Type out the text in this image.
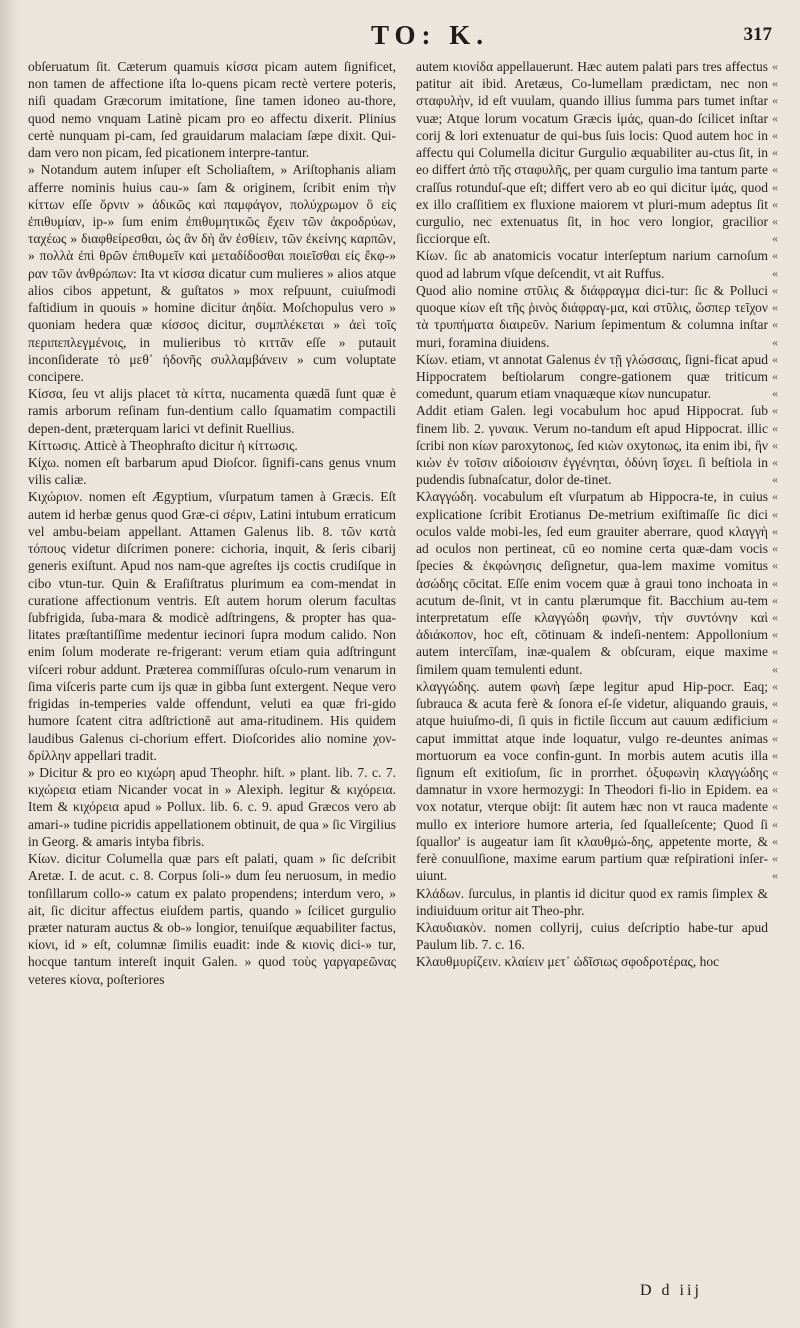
TO: K.	317

obſeruatum ſit. Cæterum quamuis κίσσα picam autem ſignificet, non tamen de affectione iſta lo-quens picam rectè vertere poteris, niſi quadam Græcorum imitatione, ſine tamen idoneo au-thore, quod nemo vnquam Latinè picam pro eo affectu dixerit. Plinius certè nunquam pi-cam, ſed grauidarum malaciam ſæpe dixit. Qui-dam vero non picam, ſed picationem interpre-tantur.

» Notandum autem inſuper eſt Scholiaſtem, » Ariſtophanis aliam afferre nominis huius cau-» ſam & originem, ſcribit enim τὴν κίττων eſſe ὄρνιν » ἀδικῶς καὶ παμφάγον, πολύχρωμον ὃ εἰς ἐπιθυμίαν, ip-» ſum enim ἐπιθυμητικῶς ἔχειν τῶν ἀκροδρύων, ταχέως » διαφθείρεσθαι, ὡς ἂν δὴ ἂν ἐσθίειν, τῶν ἐκείνης καρπῶν, » πολλὰ ἐπὶ θρῶν ἐπιθυμεῖν καὶ μεταδίδοσθαι ποιεῖσθαι εἰς ἔκφ-» ραν τῶν ἀνθρώπων: Ita vt κίσσα dicatur cum mulieres » alios atque alios cibos appetunt, & guſtatos » mox reſpuunt, cuiuſmodi faſtidium in quouis » homine dicitur ἀηδία. Moſchopulus vero » quoniam hedera quæ κίσσος dicitur, συμπλέκεται » ἀεὶ τοῖς περιπεπλεγμένοις, in mulieribus τὸ κιττᾶν eſſe » putauit inconſiderate τὸ μεθ᾽ ἡδονῆς συλλαμβάνειν » cum voluptate concipere.

Κίσσα, ſeu vt alijs placet τὰ κίττα, nucamenta quædā ſunt quæ è ramis arborum reſinam fun-dentium callo ſquamatim compactili depen-dent, præterquam larici vt definit Ruellius.

Κίττωσις. Atticè à Theophraſto dicitur ἡ κίττωσις.

Κίχω. nomen eſt barbarum apud Dioſcor. ſignifi-cans genus vnum vilis caliæ.

Κιχώριον. nomen eſt Ægyptium, vſurpatum tamen à Græcis. Eſt autem id herbæ genus quod Græ-ci σέριν, Latini intubum erraticum vel ambu-beiam appellant. Attamen Galenus lib. 8. τῶν κατὰ τόπους videtur diſcrimen ponere: cichoria, inquit, & ſeris cibarij generis exiſtunt. Apud nos nam-que agreſtes ijs coctis crudiſque in cibo vtun-tur. Quin & Eraſiſtratus plurimum ea com-mendat in curatione affectionum ventris. Eſt autem horum olerum facultas ſubfrigida, ſuba-mara & modicè adſtringens, & propter has qua-litates præſtantiſſime medentur iecinori ſupra modum calido. Non enim ſolum moderate re-frigerant: verum etiam quia adſtringunt viſceri robur addunt. Præterea commiſſuras oſculo-rum venarum in ſima viſceris parte cum ijs quæ in gibba ſunt extergent. Neque vero frigidas in-temperies valde offendunt, veluti ea quæ fri-gido humore ſcatent citra adſtrictionē aut ama-ritudinem. His quidem laudibus Galenus ci-chorium effert. Dioſcorides alio nomine χον-δρίλλην appellari tradit.

» Dicitur & pro eo κιχώρη apud Theophr. hiſt. » plant. lib. 7. c. 7. κιχώρεια etiam Nicander vocat in » Alexiph. legitur & κιχόρεια. Item & κιχόρεια apud » Pollux. lib. 6. c. 9. apud Græcos vero ab amari-» tudine picridis appellationem obtinuit, de qua » ſic Virgilius in Georg. & amaris intyba fibris.

Κίων. dicitur Columella quæ pars eſt palati, quam » ſic deſcribit Aretæ. I. de acut. c. 8. Corpus ſoli-» dum ſeu neruosum, in medio tonſillarum collo-» catum ex palato propendens; interdum vero, » ait, ſic dicitur affectus eiuſdem partis, quando » ſcilicet gurgulio præter naturam auctus & ob-» longior, tenuiſque æquabiliter factus, κίονι, id » eſt, columnæ ſimilis euadit: inde & κιονὶς dici-» tur, hocque tantum intereſt inquit Galen. » quod τοὺς γαργαρεῶνας veteres κίονα, poſteriores

autem κιονίδα appellauerunt. Hæc autem palati pars tres affectus patitur ait ibid. Aretæus, Co-lumellam prædictam, nec non σταφυλὴν, id eſt vuulam, quando illius ſumma pars tumet inſtar vuæ; Atque lorum vocatum Græcis ἱμάς, quan-do ſcilicet inſtar corij & lori extenuatur de qui-bus ſuis locis: Quod autem hoc in affectu qui Columella dicitur Gurgulio æquabiliter au-ctus ſit, in eo differt ἀπὸ τῆς σταφυλῆς, per quam curgulio ima tantum parte craſſus rotunduſ-que eſt; differt vero ab eo qui dicitur ἱμάς, quod ex illo craſſitiem ex fluxione maiorem vt pluri-mum adeptus ſit curgulio, nec extenuatus ſit, in hoc vero longior, gracilior ſicciorque eſt.

Κίων. ſic ab anatomicis vocatur interſeptum narium carnoſum quod ad labrum vſque deſcendit, vt ait Ruffus.

Quod alio nomine στῦλις & διάφραγμα dici-tur: ſic & Polluci quoque κίων eſt τῆς ῥινὸς διάφραγ-μα, καὶ στῦλις, ὥσπερ τεῖχον τὰ τρυπήματα διαιρεῦν. Narium ſepimentum & columna inſtar muri, foramina diuidens.

Κίων. etiam, vt annotat Galenus ἐν τῇ γλώσσαις, ſigni-ficat apud Hippocratem beſtiolarum congre-gationem quæ triticum comedunt, quarum etiam vnaquæque κίων nuncupatur.

Addit etiam Galen. legi vocabulum hoc apud Hippocrat. ſub finem lib. 2. γυναικ. Verum no-tandum eſt apud Hippocrat. illic ſcribi non κίων paroxytonως, ſed κιὼν oxytonως, ita enim ibi, ἣν κιὼν ἐν τοῖσιν αἰδοίοισιν ἐγγένηται, ὀδύνη ἴσχει. ſi beſtiola in pudendis ſubnaſcatur, dolor de-tinet.

Κλαγγώδη. vocabulum eſt vſurpatum ab Hippocra-te, in cuius explicatione ſcribit Erotianus De-metrium exiſtimaſſe ſic dici oculos valde mobi-les, ſed eum grauiter aberrare, quod κλαγγὴ ad oculos non pertineat, cū eo nomine certa quæ-dam vocis ſpecies & ἐκφώνησις deſignetur, qua-lem maxime vomitus ἀσώδης cōcitat. Eſſe enim vocem quæ à graui tono inchoata in acutum de-ſinit, vt in cantu plærumque fit. Bacchium au-tem interpretatum eſſe κλαγγώδη φωνὴν, τὴν συντόνην καὶ ἀδιάκοπον, hoc eſt, cōtinuam & indeſi-nentem: Appollonium autem intercīſam, inæ-qualem & obſcuram, eique maxime ſimilem quam temulenti edunt.

κλαγγώδης. autem φωνὴ ſæpe legitur apud Hip-pocr. Eaq; ſubrauca & acuta ferè & ſonora eſ-ſe videtur, aliquando grauis, atque huiuſmo-di, ſi quis in fictile ſiccum aut cauum ædificium caput immittat atque inde loquatur, vulgo re-deuntes animas mortuorum ea voce confin-gunt. In morbis autem acutis illa ſignum eſt exitioſum, ſic in prorrhet. ὀξυφωνὶη κλαγγώδης damnatur in vxore hermozygi: In Theodori fi-lio in Epidem. ea vox notatur, vterque obijt: ſit autem hæc non vt rauca madente mullo ex interiore humore arteria, ſed ſqualleſcente; Quod ſi ſquallor' is augeatur iam ſit κλαυθμώ-δης, appetente morte, & ferè conuulſione, maxime earum partium quæ reſpirationi inſer-uiunt.

Κλάδων. ſurculus, in plantis id dicitur quod ex ramis ſimplex & indiuiduum oritur ait Theo-phr.

Κλαυδιακὸν. nomen collyrij, cuius deſcriptio habe-tur apud Paulum lib. 7. c. 16.

Κλαυθμυρίζειν. κλαίειν μετ᾽ ὠδῖσιως σφοδροτέρας, hoc

«
«
«
«
«
«
«
«
«
«
«
«
«
«
«
«
«
«
«
«
«
«
«
«
«
«
«
«
«
«
«
«
«
«
«
«
«
«
«
«
«
«
«
«
«
«
«
«
D d iij
